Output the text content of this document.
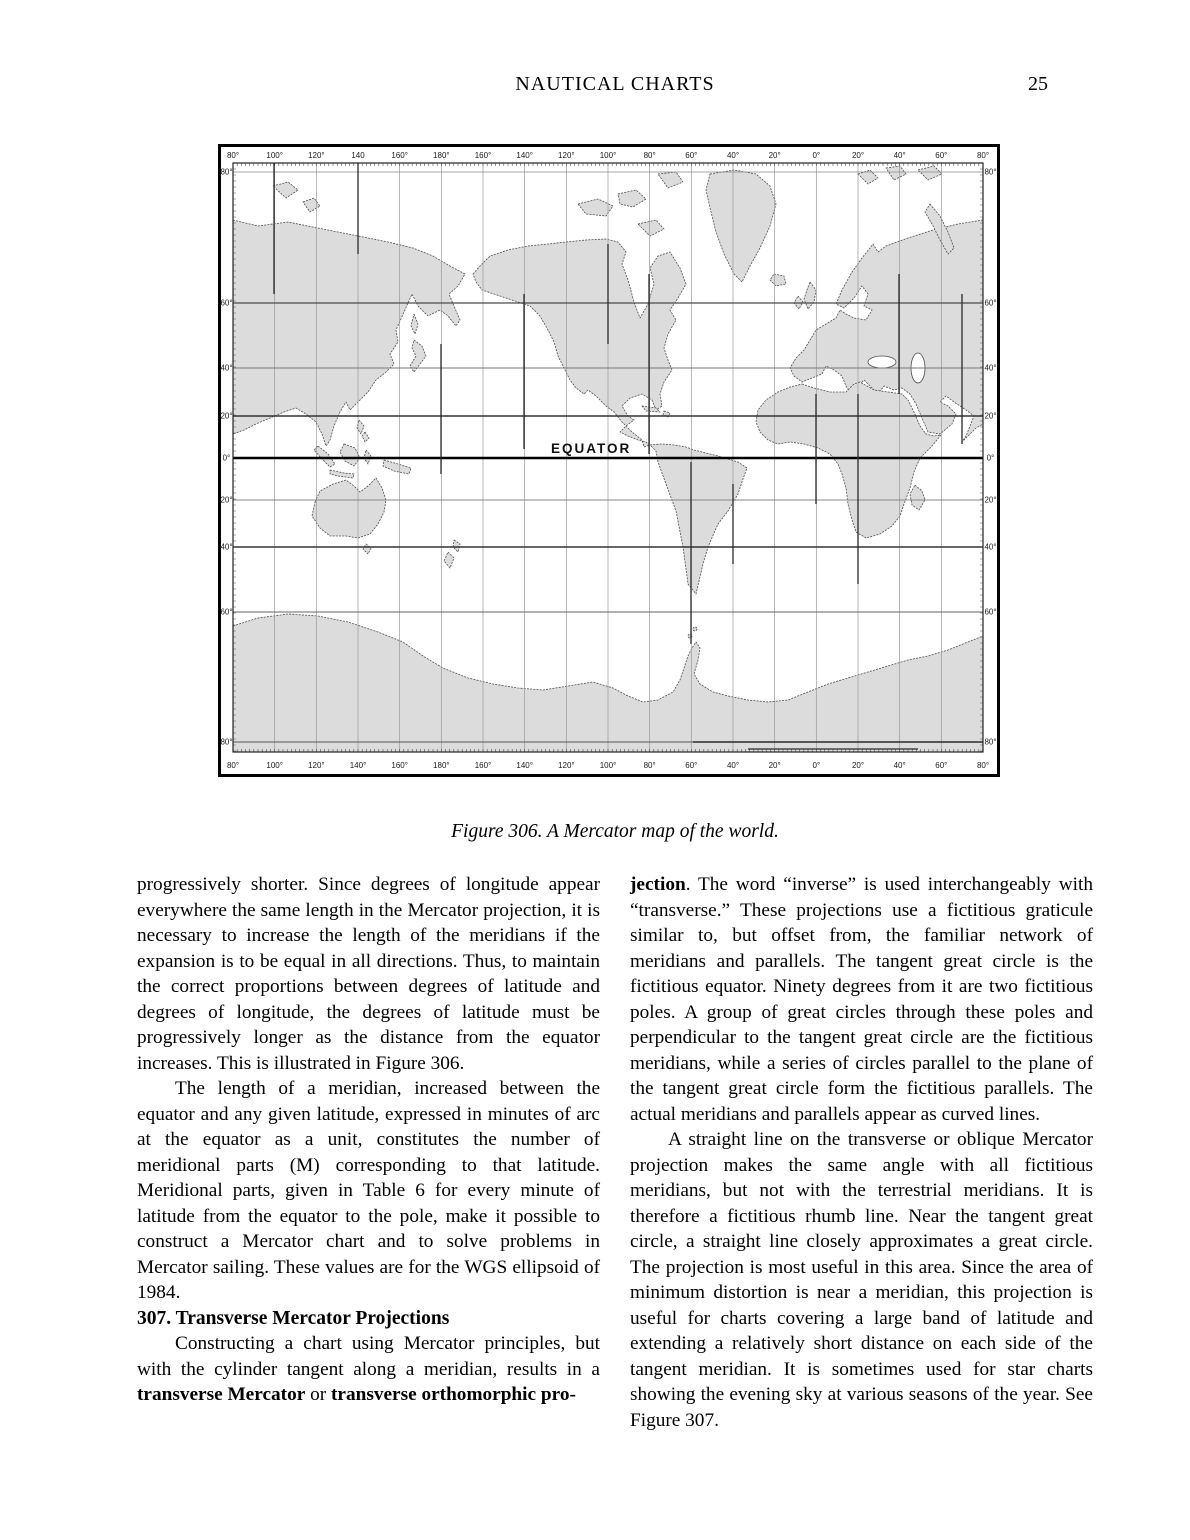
NAUTICAL CHARTS	25
80°
80°
100°
100°
120°
120°
140
140°
160°
160°
180°
180°
160°
160°
140°
140°
120°
120°
100°
100°
80°
80°
60°
60°
40°
40°
20°
20°
0°
0°
20°
20°
40°
40°
60°
60°
80°
80°
80°	80°
60°	60°
40°	40°
20°	20°
0°	0°
20°	20°
40°	40°
60°	60°
80°	80°
EQUATOR
Figure 306. A Mercator map of the world.

progressively shorter. Since degrees of longitude appear everywhere the same length in the Mercator projection, it is necessary to increase the length of the meridians if the expansion is to be equal in all directions. Thus, to maintain the correct proportions between degrees of latitude and degrees of longitude, the degrees of latitude must be progressively longer as the distance from the equator increases. This is illustrated in Figure 306.

The length of a meridian, increased between the equator and any given latitude, expressed in minutes of arc at the equator as a unit, constitutes the number of meridional parts (M) corresponding to that latitude. Meridional parts, given in Table 6 for every minute of latitude from the equator to the pole, make it possible to construct a Mercator chart and to solve problems in Mercator sailing. These values are for the WGS ellipsoid of 1984.

307. Transverse Mercator Projections

Constructing a chart using Mercator principles, but with the cylinder tangent along a meridian, results in a transverse Mercator or transverse orthomorphic pro-

jection. The word “inverse” is used interchangeably with “transverse.” These projections use a fictitious graticule similar to, but offset from, the familiar network of meridians and parallels. The tangent great circle is the fictitious equator. Ninety degrees from it are two fictitious poles. A group of great circles through these poles and perpendicular to the tangent great circle are the fictitious meridians, while a series of circles parallel to the plane of the tangent great circle form the fictitious parallels. The actual meridians and parallels appear as curved lines.

A straight line on the transverse or oblique Mercator projection makes the same angle with all fictitious meridians, but not with the terrestrial meridians. It is therefore a fictitious rhumb line. Near the tangent great circle, a straight line closely approximates a great circle. The projection is most useful in this area. Since the area of minimum distortion is near a meridian, this projection is useful for charts covering a large band of latitude and extending a relatively short distance on each side of the tangent meridian. It is sometimes used for star charts showing the evening sky at various seasons of the year. See Figure 307.
